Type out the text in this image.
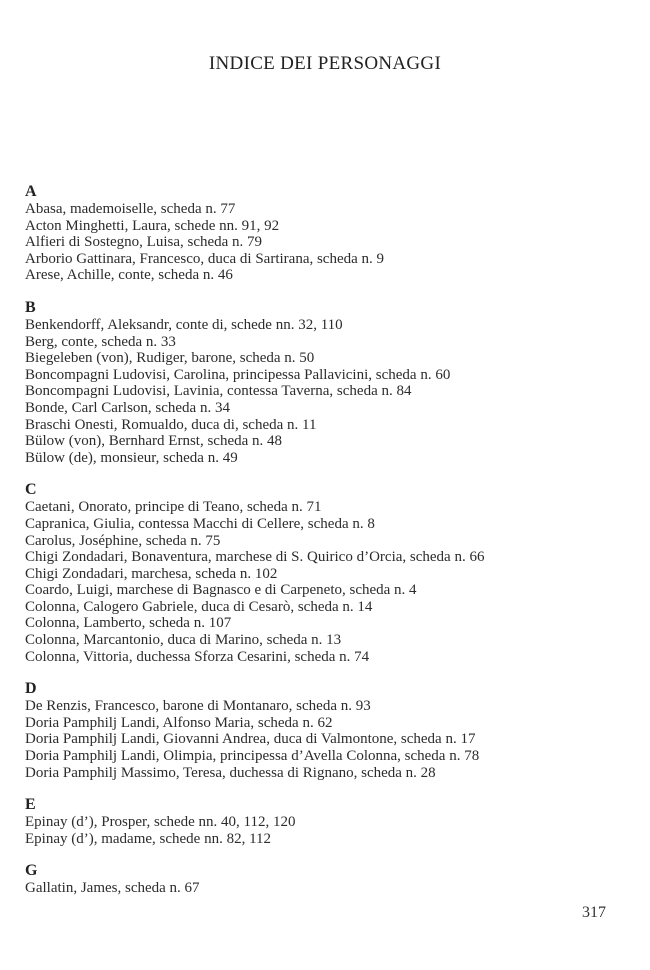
INDICE DEI PERSONAGGI
A
Abasa, mademoiselle, scheda n. 77
Acton Minghetti, Laura, schede nn. 91, 92
Alfieri di Sostegno, Luisa, scheda n. 79
Arborio Gattinara, Francesco, duca di Sartirana, scheda n. 9
Arese, Achille, conte, scheda n. 46
B
Benkendorff, Aleksandr, conte di, schede nn. 32, 110
Berg, conte, scheda n. 33
Biegeleben (von), Rudiger, barone, scheda n. 50
Boncompagni Ludovisi, Carolina, principessa Pallavicini, scheda n. 60
Boncompagni Ludovisi, Lavinia, contessa Taverna, scheda n. 84
Bonde, Carl Carlson, scheda n. 34
Braschi Onesti, Romualdo, duca di, scheda n. 11
Bülow (von), Bernhard Ernst, scheda n. 48
Bülow (de), monsieur, scheda n. 49
C
Caetani, Onorato, principe di Teano, scheda n. 71
Capranica, Giulia, contessa Macchi di Cellere, scheda n. 8
Carolus, Joséphine, scheda n. 75
Chigi Zondadari, Bonaventura, marchese di S. Quirico d’Orcia, scheda n. 66
Chigi Zondadari, marchesa, scheda n. 102
Coardo, Luigi, marchese di Bagnasco e di Carpeneto, scheda n. 4
Colonna, Calogero Gabriele, duca di Cesarò, scheda n. 14
Colonna, Lamberto, scheda n. 107
Colonna, Marcantonio, duca di Marino, scheda n. 13
Colonna, Vittoria, duchessa Sforza Cesarini, scheda n. 74
D
De Renzis, Francesco, barone di Montanaro, scheda n. 93
Doria Pamphilj Landi, Alfonso Maria, scheda n. 62
Doria Pamphilj Landi, Giovanni Andrea, duca di Valmontone, scheda n. 17
Doria Pamphilj Landi, Olimpia, principessa d’Avella Colonna, scheda n. 78
Doria Pamphilj Massimo, Teresa, duchessa di Rignano, scheda n. 28
E
Epinay (d’), Prosper, schede nn. 40, 112, 120
Epinay (d’), madame, schede nn. 82, 112
G
Gallatin, James, scheda n. 67
317
